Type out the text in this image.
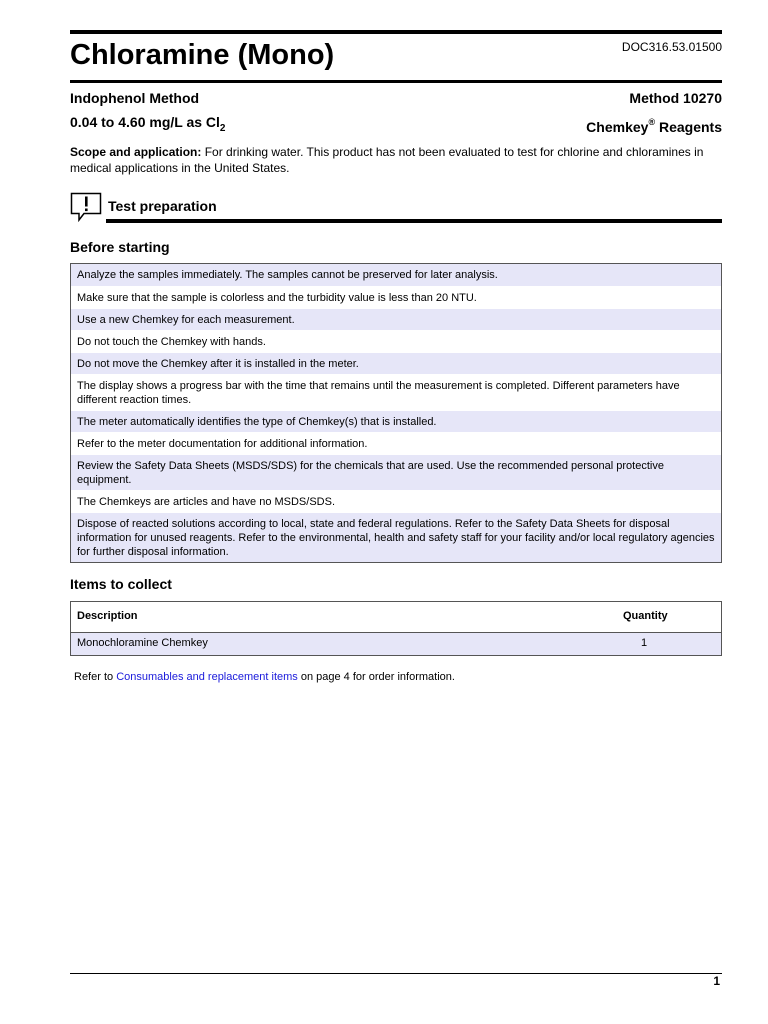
Chloramine (Mono)	DOC316.53.01500
Indophenol Method	Method 10270
0.04 to 4.60 mg/L as $Cl_2$	Chemkey® Reagents
Scope and application: For drinking water. This product has not been evaluated to test for chlorine and chloramines in medical applications in the United States.
Test preparation
Before starting
Analyze the samples immediately. The samples cannot be preserved for later analysis.
Make sure that the sample is colorless and the turbidity value is less than 20 NTU.
Use a new Chemkey for each measurement.
Do not touch the Chemkey with hands.
Do not move the Chemkey after it is installed in the meter.
The display shows a progress bar with the time that remains until the measurement is completed. Different parameters have different reaction times.
The meter automatically identifies the type of Chemkey(s) that is installed.
Refer to the meter documentation for additional information.
Review the Safety Data Sheets (MSDS/SDS) for the chemicals that are used. Use the recommended personal protective equipment.
The Chemkeys are articles and have no MSDS/SDS.
Dispose of reacted solutions according to local, state and federal regulations. Refer to the Safety Data Sheets for disposal information for unused reagents. Refer to the environmental, health and safety staff for your facility and/or local regulatory agencies for further disposal information.
Items to collect
Description	Quantity
Monochloramine Chemkey	1
Refer to Consumables and replacement items on page 4 for order information.
1
